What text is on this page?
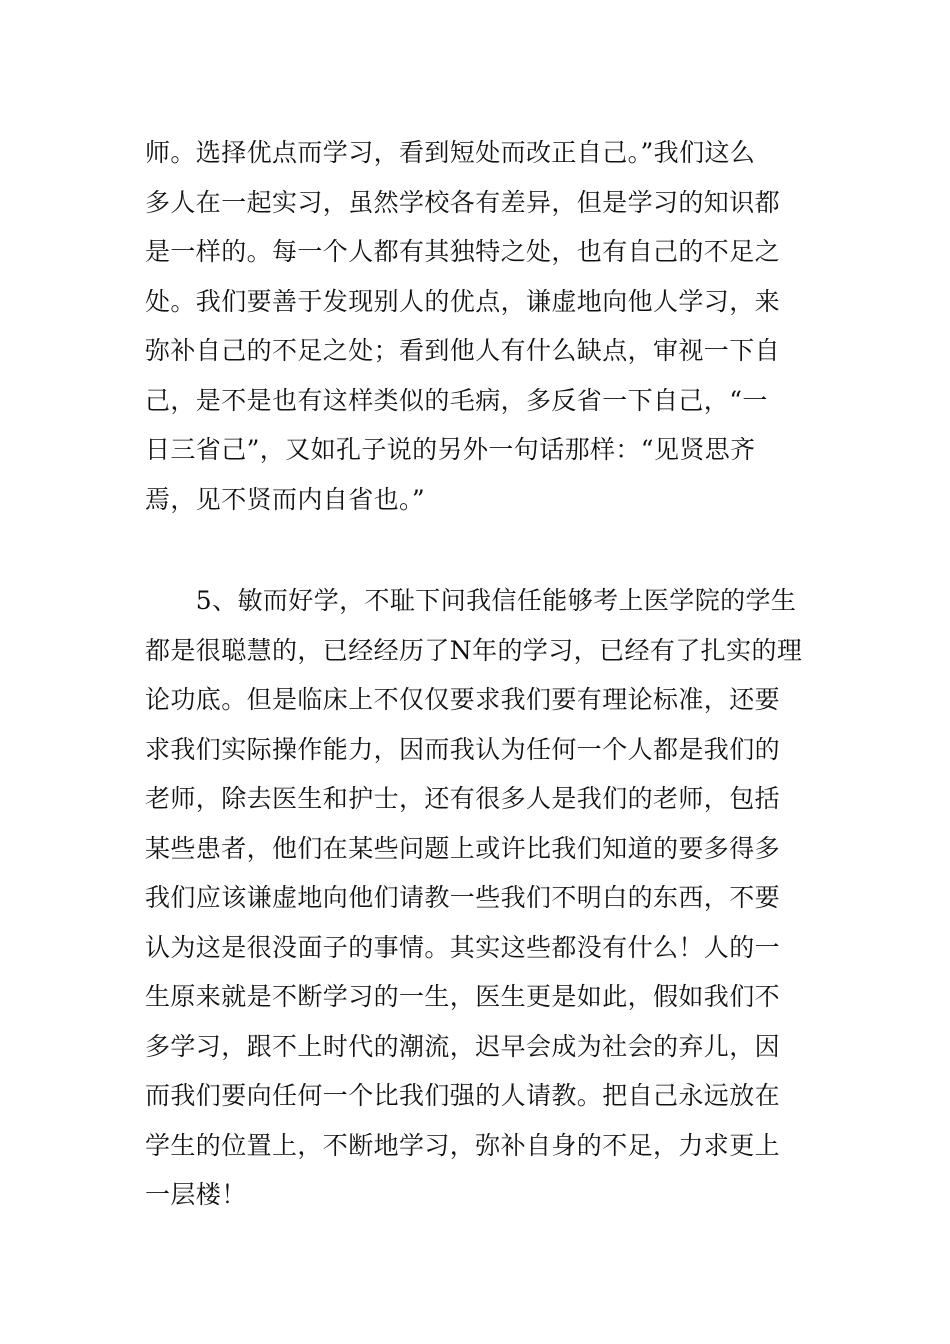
师。选择优点而学习，看到短处而改正自己。”我们这么
多人在一起实习，虽然学校各有差异，但是学习的知识都
是一样的。每一个人都有其独特之处，也有自己的不足之
处。我们要善于发现别人的优点，谦虚地向他人学习，来
弥补自己的不足之处；看到他人有什么缺点，审视一下自
己，是不是也有这样类似的毛病，多反省一下自己，“一
日三省己”，又如孔子说的另外一句话那样：“见贤思齐
焉，见不贤而内自省也。”
　　5、敏而好学，不耻下问我信任能够考上医学院的学生
都是很聪慧的，已经经历了N年的学习，已经有了扎实的理
论功底。但是临床上不仅仅要求我们要有理论标准，还要
求我们实际操作能力，因而我认为任何一个人都是我们的
老师，除去医生和护士，还有很多人是我们的老师，包括
某些患者，他们在某些问题上或许比我们知道的要多得多
我们应该谦虚地向他们请教一些我们不明白的东西，不要
认为这是很没面子的事情。其实这些都没有什么！人的一
生原来就是不断学习的一生，医生更是如此，假如我们不
多学习，跟不上时代的潮流，迟早会成为社会的弃儿，因
而我们要向任何一个比我们强的人请教。把自己永远放在
学生的位置上，不断地学习，弥补自身的不足，力求更上
一层楼！
